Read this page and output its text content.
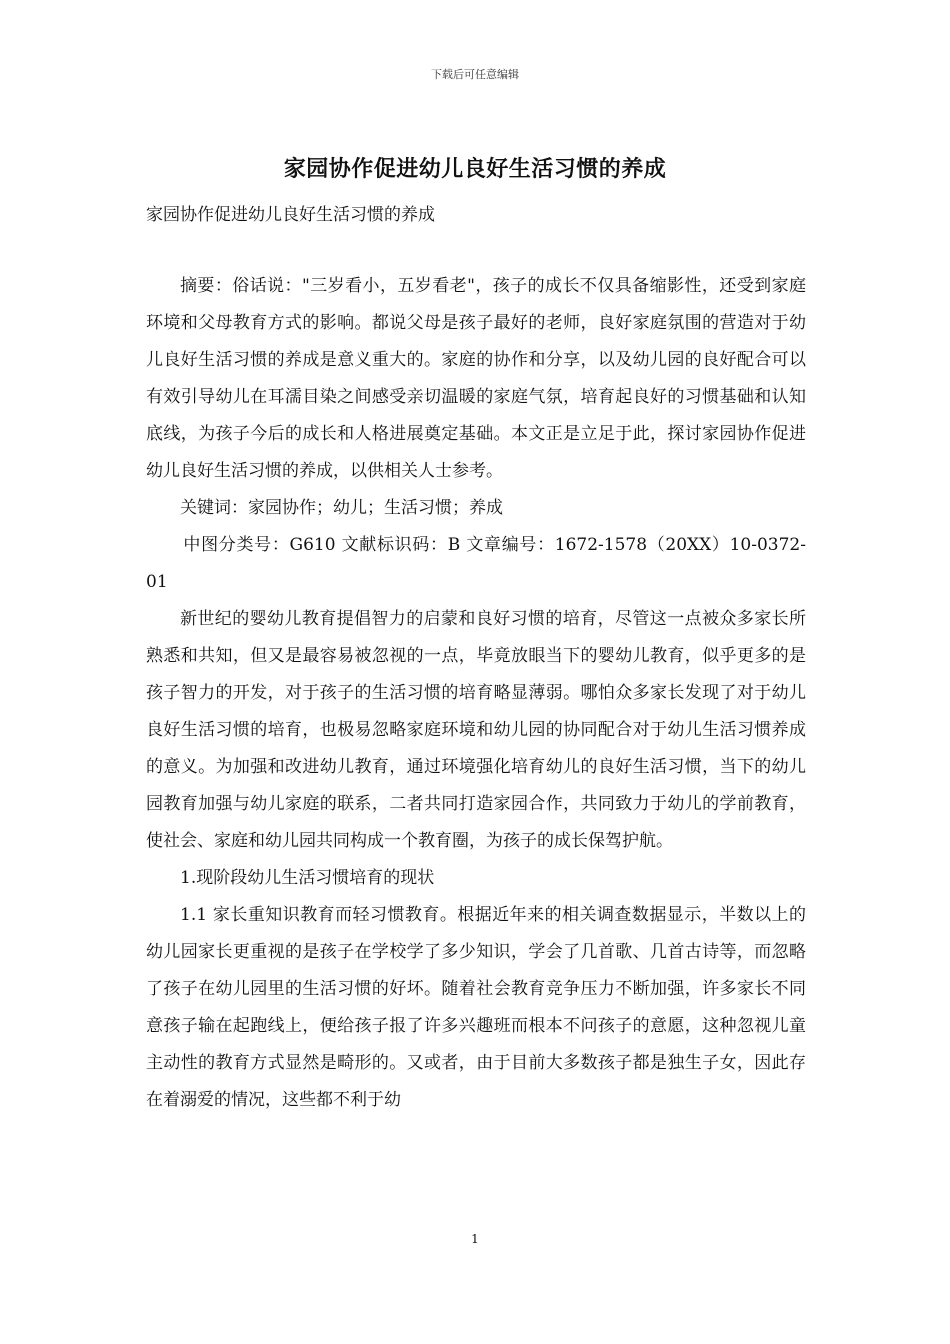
下载后可任意编辑
家园协作促进幼儿良好生活习惯的养成
家园协作促进幼儿良好生活习惯的养成

摘要：俗话说："三岁看小，五岁看老"，孩子的成长不仅具备缩影性，还受到家庭环境和父母教育方式的影响。都说父母是孩子最好的老师，良好家庭氛围的营造对于幼儿良好生活习惯的养成是意义重大的。家庭的协作和分享，以及幼儿园的良好配合可以有效引导幼儿在耳濡目染之间感受亲切温暖的家庭气氛，培育起良好的习惯基础和认知底线，为孩子今后的成长和人格进展奠定基础。本文正是立足于此，探讨家园协作促进幼儿良好生活习惯的养成，以供相关人士参考。

关键词：家园协作；幼儿；生活习惯；养成

中图分类号：G610 文献标识码：B 文章编号：1672-1578（20XX）10-0372-01

新世纪的婴幼儿教育提倡智力的启蒙和良好习惯的培育，尽管这一点被众多家长所熟悉和共知，但又是最容易被忽视的一点，毕竟放眼当下的婴幼儿教育，似乎更多的是孩子智力的开发，对于孩子的生活习惯的培育略显薄弱。哪怕众多家长发现了对于幼儿良好生活习惯的培育，也极易忽略家庭环境和幼儿园的协同配合对于幼儿生活习惯养成的意义。为加强和改进幼儿教育，通过环境强化培育幼儿的良好生活习惯，当下的幼儿园教育加强与幼儿家庭的联系，二者共同打造家园合作，共同致力于幼儿的学前教育，使社会、家庭和幼儿园共同构成一个教育圈，为孩子的成长保驾护航。

1.现阶段幼儿生活习惯培育的现状

1.1 家长重知识教育而轻习惯教育。根据近年来的相关调查数据显示，半数以上的幼儿园家长更重视的是孩子在学校学了多少知识，学会了几首歌、几首古诗等，而忽略了孩子在幼儿园里的生活习惯的好坏。随着社会教育竞争压力不断加强，许多家长不同意孩子输在起跑线上，便给孩子报了许多兴趣班而根本不问孩子的意愿，这种忽视儿童主动性的教育方式显然是畸形的。又或者，由于目前大多数孩子都是独生子女，因此存在着溺爱的情况，这些都不利于幼

1
